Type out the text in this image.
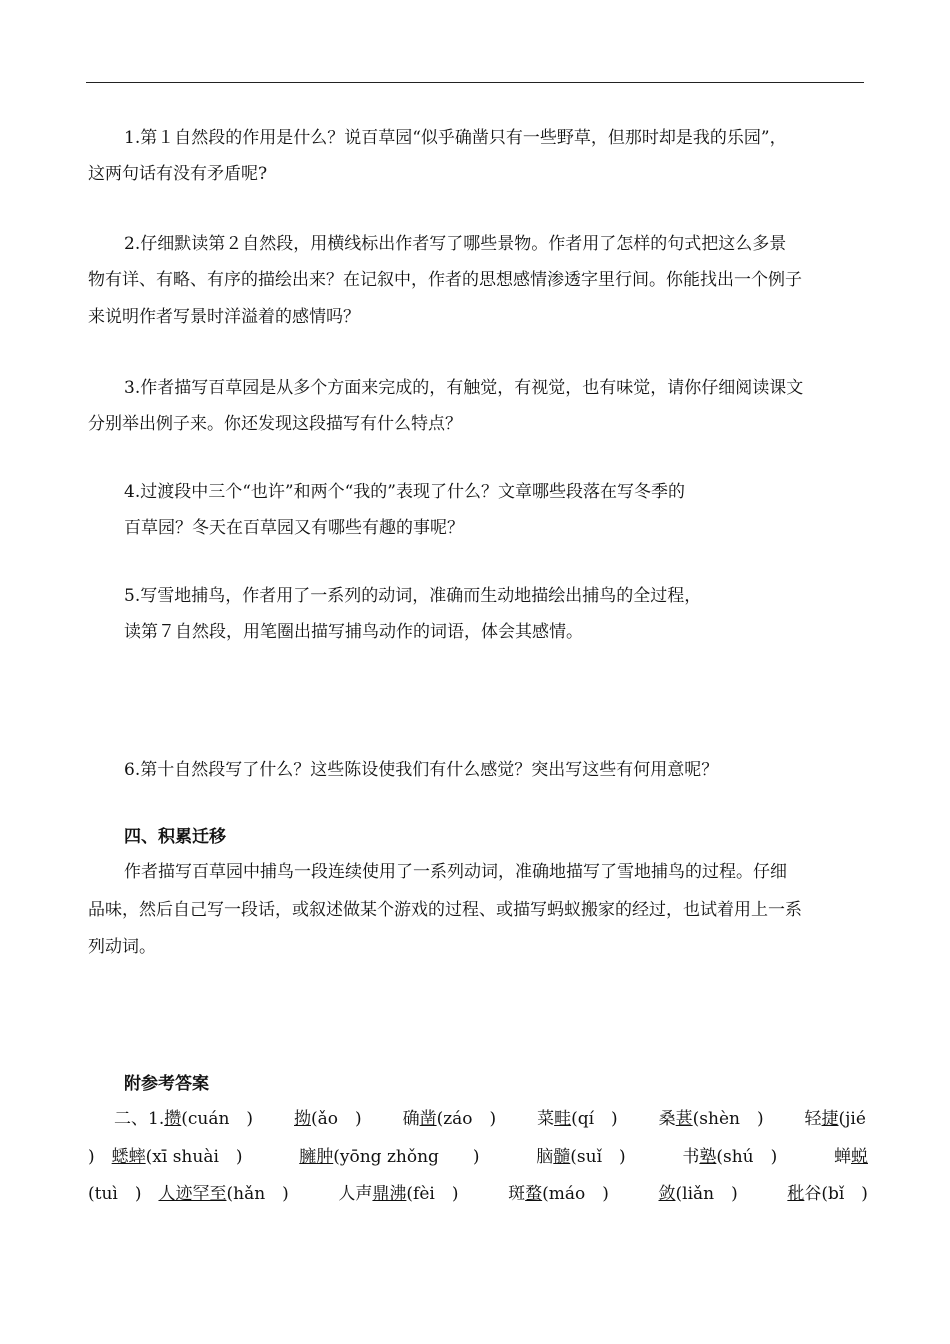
1.第１自然段的作用是什么？说百草园“似乎确凿只有一些野草，但那时却是我的乐园”，
这两句话有没有矛盾呢?
2.仔细默读第２自然段，用横线标出作者写了哪些景物。作者用了怎样的句式把这么多景
物有详、有略、有序的描绘出来？在记叙中，作者的思想感情渗透字里行间。你能找出一个例子
来说明作者写景时洋溢着的感情吗？
3.作者描写百草园是从多个方面来完成的，有触觉，有视觉，也有味觉，请你仔细阅读课文
分别举出例子来。你还发现这段描写有什么特点？
4.过渡段中三个“也许”和两个“我的”表现了什么？文章哪些段落在写冬季的
百草园？冬天在百草园又有哪些有趣的事呢？
5.写雪地捕鸟，作者用了一系列的动词，准确而生动地描绘出捕鸟的全过程，
读第７自然段，用笔圈出描写捕鸟动作的词语，体会其感情。
6.第十自然段写了什么？这些陈设使我们有什么感觉？突出写这些有何用意呢？
四、积累迁移
作者描写百草园中捕鸟一段连续使用了一系列动词，准确地描写了雪地捕鸟的过程。仔细
品味，然后自己写一段话，或叙述做某个游戏的过程、或描写蚂蚁搬家的经过，也试着用上一系
列动词。
附参考答案
二、1.攒(cuán　) 拗(ǎo　) 确凿(záo　) 菜畦(qí　) 桑葚(shèn　) 轻捷(jié
)　蟋蟀(xī shuài　)	臃肿(yōng zhǒng　　)	脑髓(suǐ　)	书塾(shú　)	蝉蜕
(tuì　)　人迹罕至(hǎn　)	人声鼎沸(fèi　)	斑蝥(máo　)	敛(liǎn　)	秕谷(bǐ　)
